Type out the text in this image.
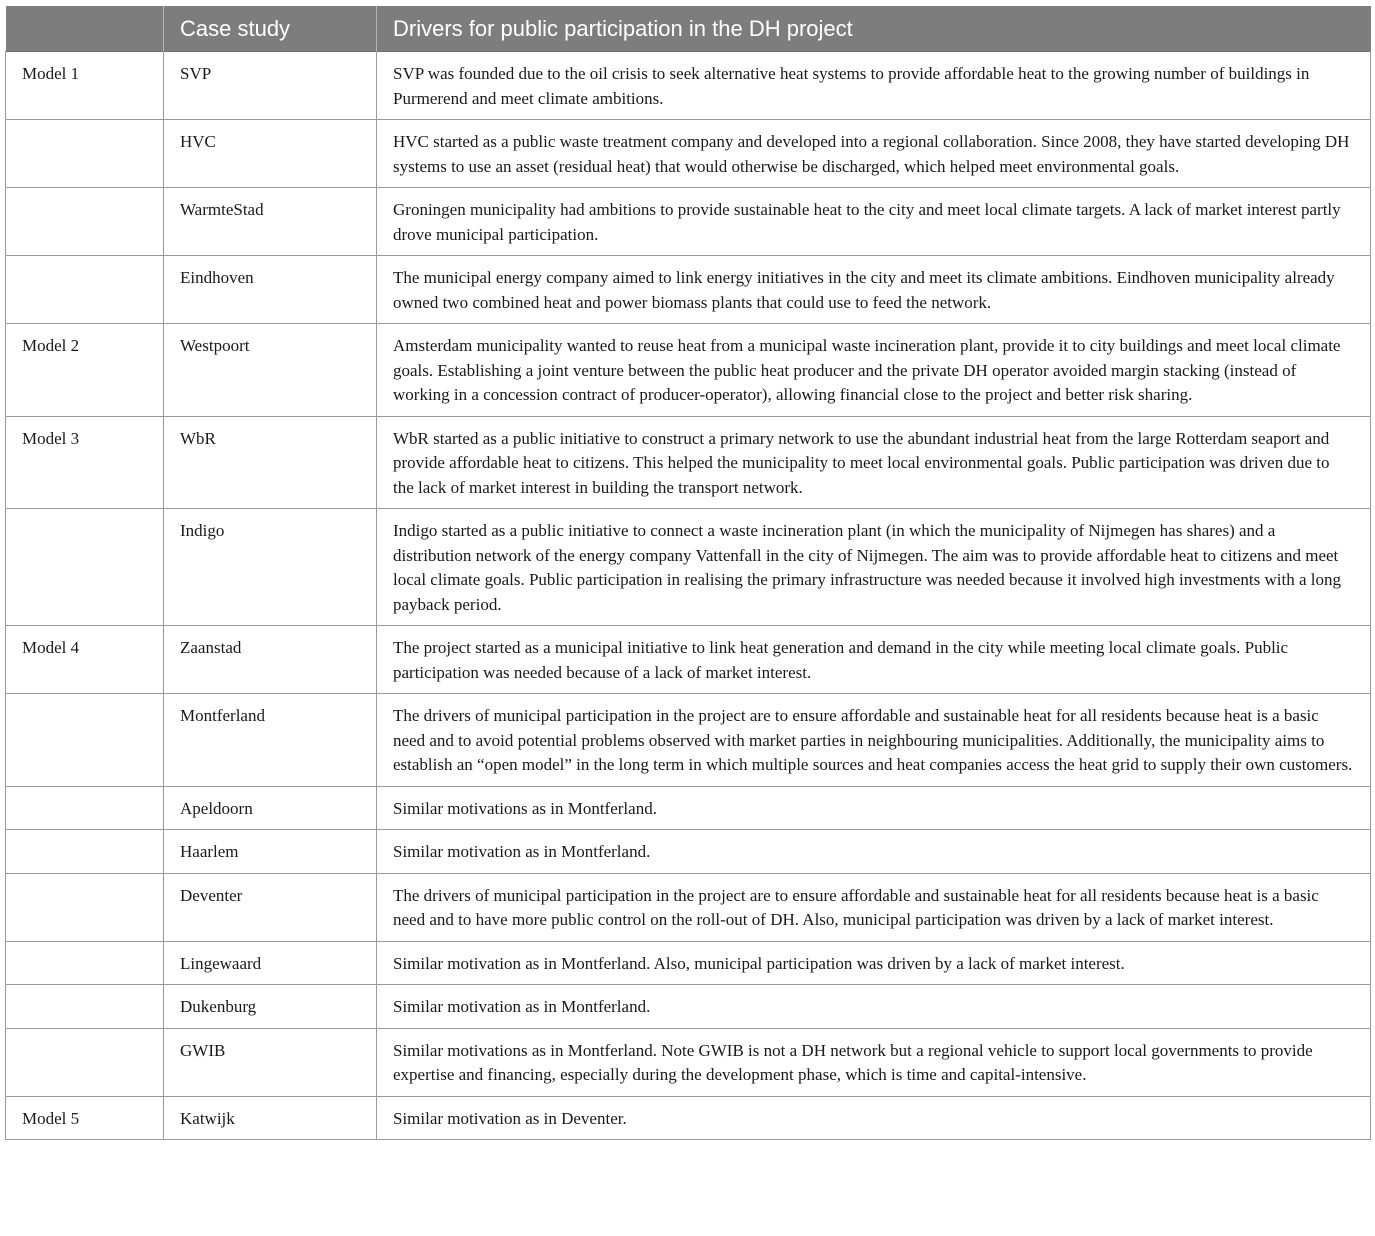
	Case study	Drivers for public participation in the DH project
Model 1	SVP	SVP was founded due to the oil crisis to seek alternative heat systems to provide affordable heat to the growing number of buildings in Purmerend and meet climate ambitions.
	HVC	HVC started as a public waste treatment company and developed into a regional collaboration. Since 2008, they have started developing DH systems to use an asset (residual heat) that would otherwise be discharged, which helped meet environmental goals.
	WarmteStad	Groningen municipality had ambitions to provide sustainable heat to the city and meet local climate targets. A lack of market interest partly drove municipal participation.
	Eindhoven	The municipal energy company aimed to link energy initiatives in the city and meet its climate ambitions. Eindhoven municipality already owned two combined heat and power biomass plants that could use to feed the network.
Model 2	Westpoort	Amsterdam municipality wanted to reuse heat from a municipal waste incineration plant, provide it to city buildings and meet local climate goals. Establishing a joint venture between the public heat producer and the private DH operator avoided margin stacking (instead of working in a concession contract of producer-operator), allowing financial close to the project and better risk sharing.
Model 3	WbR	WbR started as a public initiative to construct a primary network to use the abundant industrial heat from the large Rotterdam seaport and provide affordable heat to citizens. This helped the municipality to meet local environmental goals. Public participation was driven due to the lack of market interest in building the transport network.
	Indigo	Indigo started as a public initiative to connect a waste incineration plant (in which the municipality of Nijmegen has shares) and a distribution network of the energy company Vattenfall in the city of Nijmegen. The aim was to provide affordable heat to citizens and meet local climate goals. Public participation in realising the primary infrastructure was needed because it involved high investments with a long payback period.
Model 4	Zaanstad	The project started as a municipal initiative to link heat generation and demand in the city while meeting local climate goals. Public participation was needed because of a lack of market interest.
	Montferland	The drivers of municipal participation in the project are to ensure affordable and sustainable heat for all residents because heat is a basic need and to avoid potential problems observed with market parties in neighbouring municipalities. Additionally, the municipality aims to establish an “open model” in the long term in which multiple sources and heat companies access the heat grid to supply their own customers.
	Apeldoorn	Similar motivations as in Montferland.
	Haarlem	Similar motivation as in Montferland.
	Deventer	The drivers of municipal participation in the project are to ensure affordable and sustainable heat for all residents because heat is a basic need and to have more public control on the roll-out of DH. Also, municipal participation was driven by a lack of market interest.
	Lingewaard	Similar motivation as in Montferland. Also, municipal participation was driven by a lack of market interest.
	Dukenburg	Similar motivation as in Montferland.
	GWIB	Similar motivations as in Montferland. Note GWIB is not a DH network but a regional vehicle to support local governments to provide expertise and financing, especially during the development phase, which is time and capital-intensive.
Model 5	Katwijk	Similar motivation as in Deventer.
